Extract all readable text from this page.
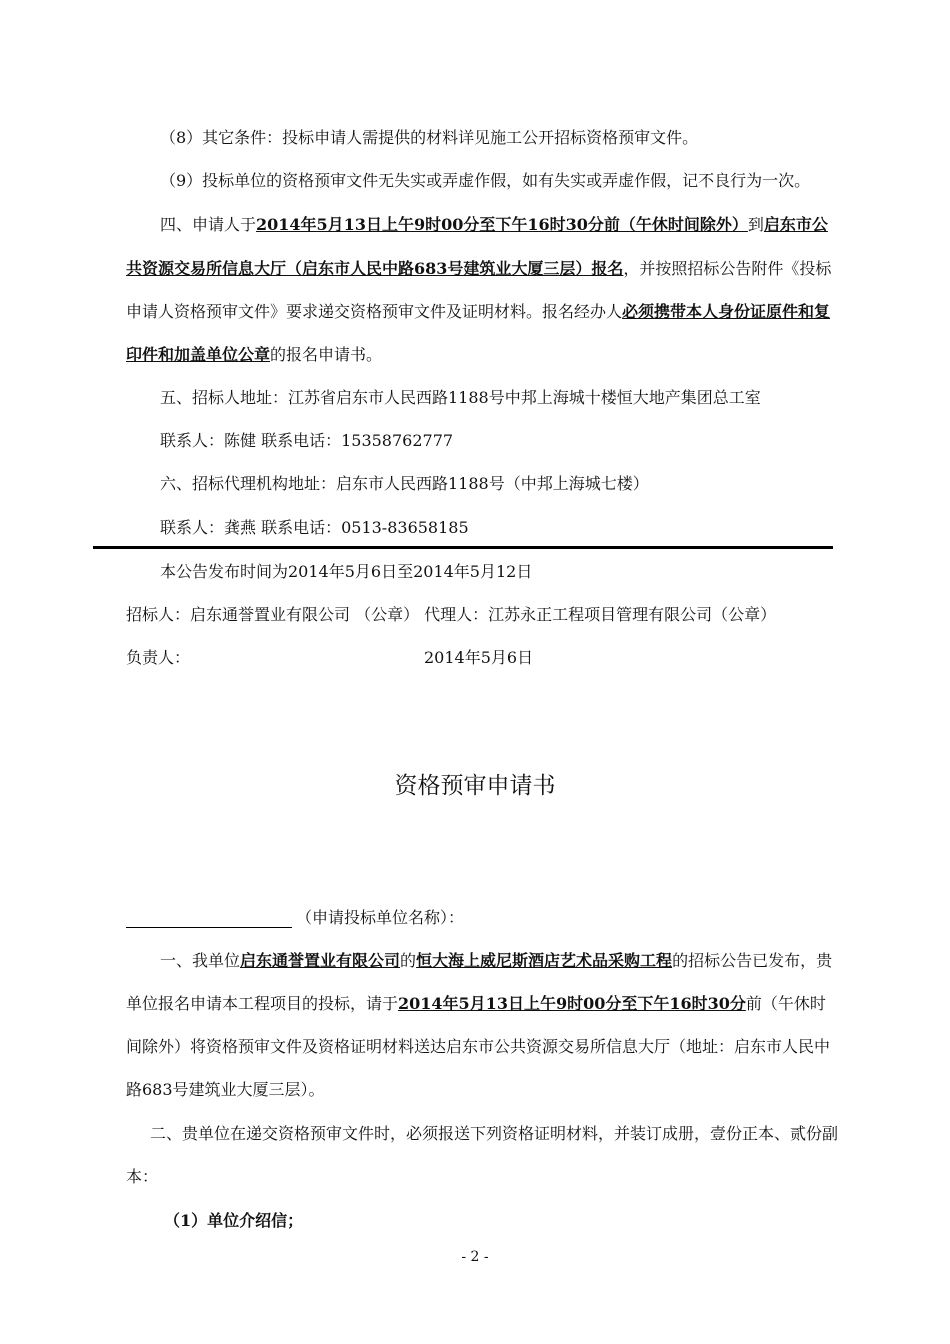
（8）其它条件：投标申请人需提供的材料详见施工公开招标资格预审文件。
（9）投标单位的资格预审文件无失实或弄虚作假，如有失实或弄虚作假，记不良行为一次。
四、申请人于2014年5月13日上午9时00分至下午16时30分前（午休时间除外）到启东市公
共资源交易所信息大厅（启东市人民中路683号建筑业大厦三层）报名，并按照招标公告附件《投标
申请人资格预审文件》要求递交资格预审文件及证明材料。报名经办人必须携带本人身份证原件和复
印件和加盖单位公章的报名申请书。
五、招标人地址：江苏省启东市人民西路1188号中邦上海城十楼恒大地产集团总工室
联系人：陈健 联系电话：15358762777
六、招标代理机构地址：启东市人民西路1188号（中邦上海城七楼）
联系人：龚燕 联系电话：0513-83658185
本公告发布时间为2014年5月6日至2014年5月12日
招标人：启东通誉置业有限公司 （公章） 代理人：江苏永正工程项目管理有限公司（公章）
负责人：	2014年5月6日
资格预审申请书
（申请投标单位名称）：
一、我单位启东通誉置业有限公司的恒大海上威尼斯酒店艺术品采购工程的招标公告已发布，贵
单位报名申请本工程项目的投标，请于2014年5月13日上午9时00分至下午16时30分前（午休时
间除外）将资格预审文件及资格证明材料送达启东市公共资源交易所信息大厅（地址：启东市人民中
路683号建筑业大厦三层）。
二、贵单位在递交资格预审文件时，必须报送下列资格证明材料，并装订成册，壹份正本、贰份副
本：
（1）单位介绍信；
- 2 -
